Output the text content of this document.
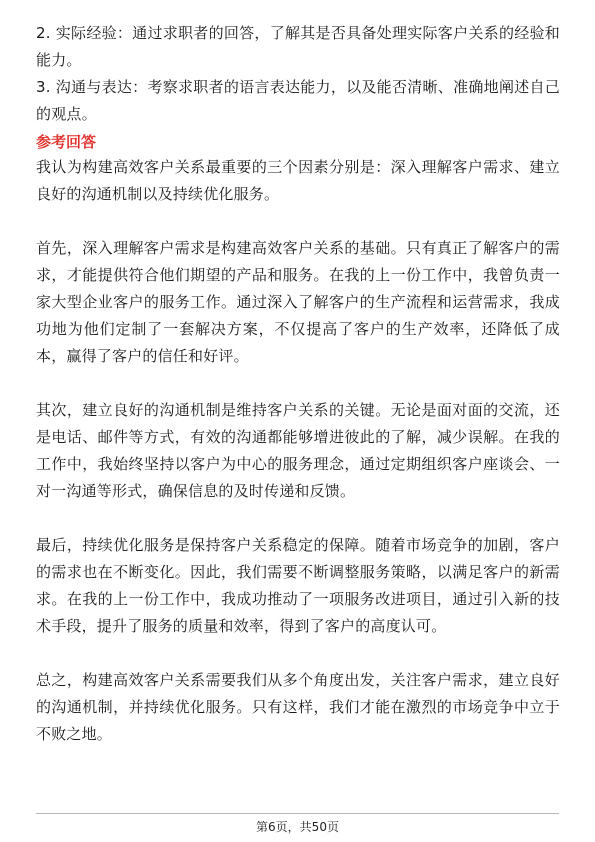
2. 实际经验：通过求职者的回答，了解其是否具备处理实际客户关系的经验和能力。

3. 沟通与表达：考察求职者的语言表达能力，以及能否清晰、准确地阐述自己的观点。

参考回答

我认为构建高效客户关系最重要的三个因素分别是：深入理解客户需求、建立良好的沟通机制以及持续优化服务。

首先，深入理解客户需求是构建高效客户关系的基础。只有真正了解客户的需求，才能提供符合他们期望的产品和服务。在我的上一份工作中，我曾负责一家大型企业客户的服务工作。通过深入了解客户的生产流程和运营需求，我成功地为他们定制了一套解决方案，不仅提高了客户的生产效率，还降低了成本，赢得了客户的信任和好评。

其次，建立良好的沟通机制是维持客户关系的关键。无论是面对面的交流，还是电话、邮件等方式，有效的沟通都能够增进彼此的了解，减少误解。在我的工作中，我始终坚持以客户为中心的服务理念，通过定期组织客户座谈会、一对一沟通等形式，确保信息的及时传递和反馈。

最后，持续优化服务是保持客户关系稳定的保障。随着市场竞争的加剧，客户的需求也在不断变化。因此，我们需要不断调整服务策略，以满足客户的新需求。在我的上一份工作中，我成功推动了一项服务改进项目，通过引入新的技术手段，提升了服务的质量和效率，得到了客户的高度认可。

总之，构建高效客户关系需要我们从多个角度出发，关注客户需求，建立良好的沟通机制，并持续优化服务。只有这样，我们才能在激烈的市场竞争中立于不败之地。

第6页，共50页
